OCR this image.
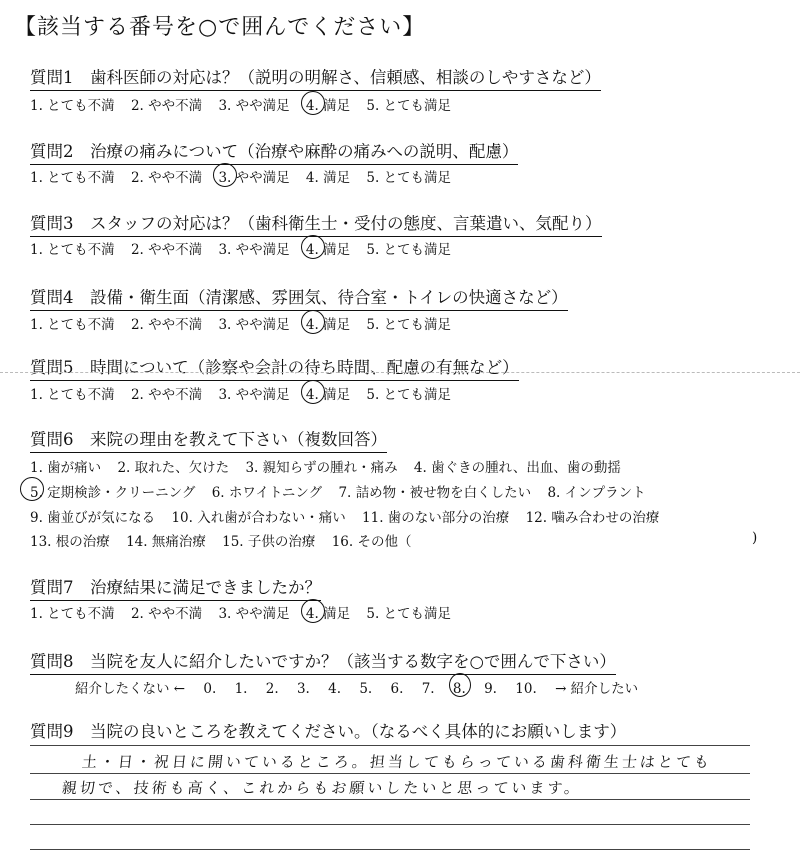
【該当する番号を○で囲んでください】
質問1　歯科医師の対応は？（説明の明解さ、信頼感、相談のしやすさなど）
1. とても不満 2. やや不満 3. やや満足 4. 満足 5. とても満足
質問2　治療の痛みについて（治療や麻酔の痛みへの説明、配慮）
1. とても不満 2. やや不満 3. やや満足 4. 満足 5. とても満足
質問3　スタッフの対応は？（歯科衛生士・受付の態度、言葉遣い、気配り）
1. とても不満 2. やや不満 3. やや満足 4. 満足 5. とても満足
質問4　設備・衛生面（清潔感、雰囲気、待合室・トイレの快適さなど）
1. とても不満 2. やや不満 3. やや満足 4. 満足 5. とても満足
質問5　時間について（診察や会計の待ち時間、配慮の有無など）
1. とても不満 2. やや不満 3. やや満足 4. 満足 5. とても満足
質問6　来院の理由を教えて下さい（複数回答）
1. 歯が痛い 2. 取れた、欠けた 3. 親知らずの腫れ・痛み 4. 歯ぐきの腫れ、出血、歯の動揺
5. 定期検診・クリーニング 6. ホワイトニング 7. 詰め物・被せ物を白くしたい 8. インプラント
9. 歯並びが気になる 10. 入れ歯が合わない・痛い 11. 歯のない部分の治療 12. 噛み合わせの治療
13. 根の治療 14. 無痛治療 15. 子供の治療 16. その他（	)
質問7　治療結果に満足できましたか？
1. とても不満 2. やや不満 3. やや満足 4. 満足 5. とても満足
質問8　当院を友人に紹介したいですか？（該当する数字を○で囲んで下さい）
紹介したくない ← 0. 1. 2. 3. 4. 5. 6. 7. 8. 9. 10. → 紹介したい
質問9　当院の良いところを教えてください。（なるべく具体的にお願いします）
土・日・祝日に開いているところ。担当してもらっている歯科衛生士はとても
親切で、技術も高く、これからもお願いしたいと思っています。
